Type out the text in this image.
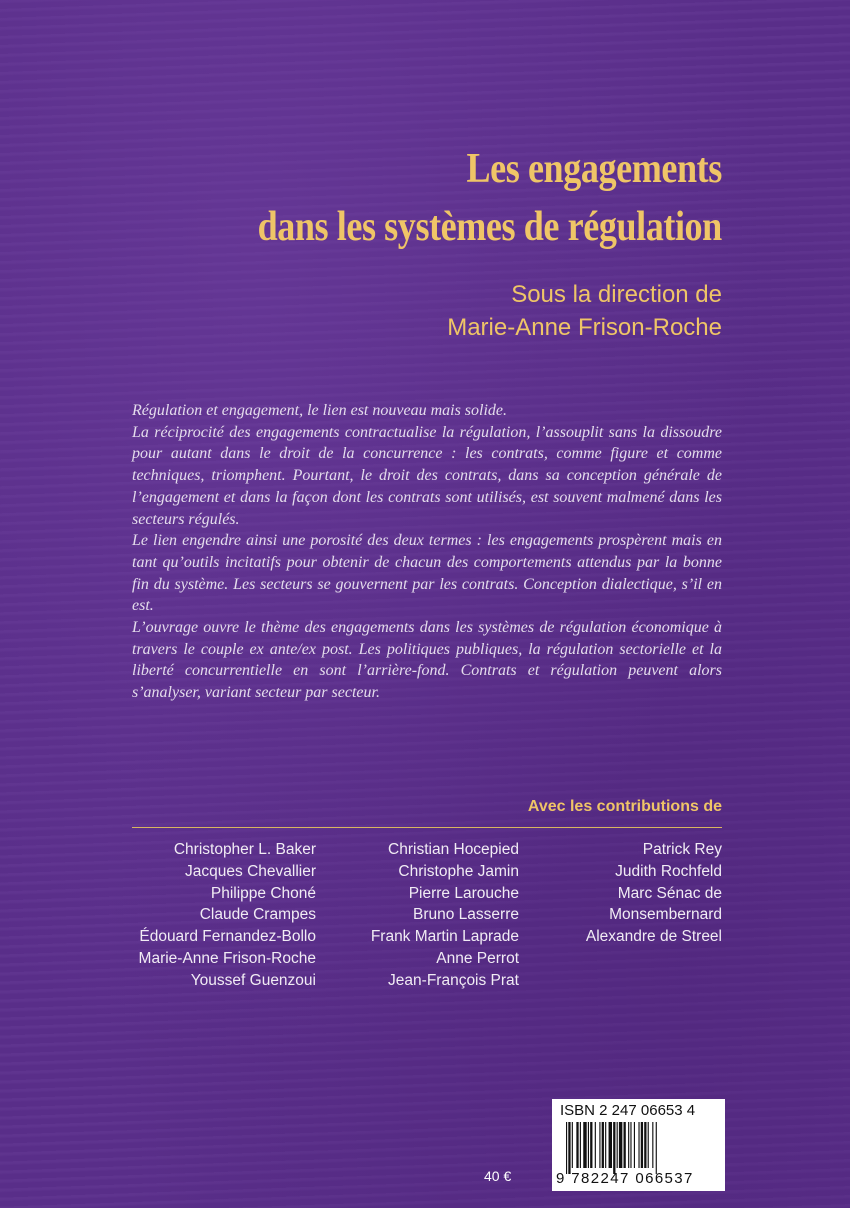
Les engagements
dans les systèmes de régulation
Sous la direction de
Marie-Anne Frison-Roche

Régulation et engagement, le lien est nouveau mais solide.

La réciprocité des engagements contractualise la régulation, l’assouplit sans la dissoudre pour autant dans le droit de la concurrence : les contrats, comme figure et comme techniques, triomphent. Pourtant, le droit des contrats, dans sa conception générale de l’engagement et dans la façon dont les contrats sont utilisés, est souvent malmené dans les secteurs régulés.

Le lien engendre ainsi une porosité des deux termes : les engagements prospèrent mais en tant qu’outils incitatifs pour obtenir de chacun des comportements attendus par la bonne fin du système. Les secteurs se gouvernent par les contrats. Conception dialectique, s’il en est.

L’ouvrage ouvre le thème des engagements dans les systèmes de régulation économique à travers le couple ex ante/ex post. Les politiques publiques, la régulation sectorielle et la liberté concurrentielle en sont l’arrière-fond. Contrats et régulation peuvent alors s’analyser, variant secteur par secteur.

Avec les contributions de
Christopher L. Baker
Jacques Chevallier
Philippe Choné
Claude Crampes
Édouard Fernandez-Bollo
Marie-Anne Frison-Roche
Youssef Guenzoui
Christian Hocepied
Christophe Jamin
Pierre Larouche
Bruno Lasserre
Frank Martin Laprade
Anne Perrot
Jean-François Prat
Patrick Rey
Judith Rochfeld
Marc Sénac de
Monsembernard
Alexandre de Streel
40 €
ISBN 2 247 06653 4
9 782247 066537
